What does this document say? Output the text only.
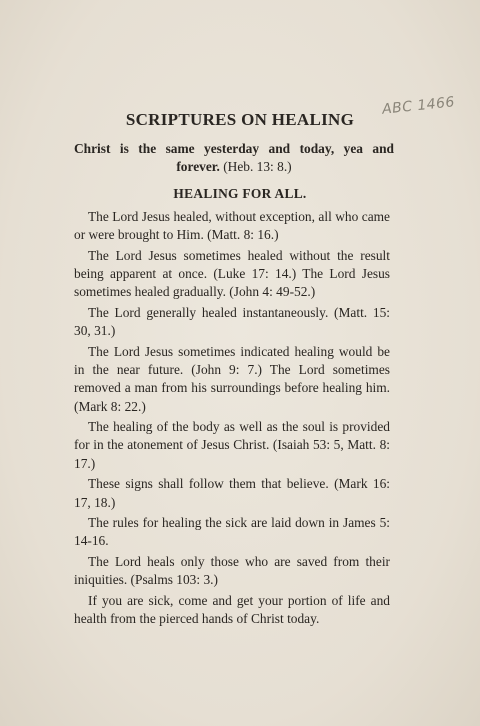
ABC 1466
SCRIPTURES ON HEALING
Christ is the same yesterday and today, yea and
forever. (Heb. 13: 8.)
HEALING FOR ALL.

The Lord Jesus healed, without exception, all who came or were brought to Him. (Matt. 8: 16.)

The Lord Jesus sometimes healed without the result being apparent at once. (Luke 17: 14.) The Lord Jesus sometimes healed gradually. (John 4: 49-52.)

The Lord generally healed instantaneously. (Matt. 15: 30, 31.)

The Lord Jesus sometimes indicated healing would be in the near future. (John 9: 7.) The Lord sometimes removed a man from his surroundings before healing him. (Mark 8: 22.)

The healing of the body as well as the soul is provided for in the atonement of Jesus Christ. (Isaiah 53: 5, Matt. 8: 17.)

These signs shall follow them that believe. (Mark 16: 17, 18.)

The rules for healing the sick are laid down in James 5: 14-16.

The Lord heals only those who are saved from their iniquities. (Psalms 103: 3.)

If you are sick, come and get your portion of life and health from the pierced hands of Christ today.
